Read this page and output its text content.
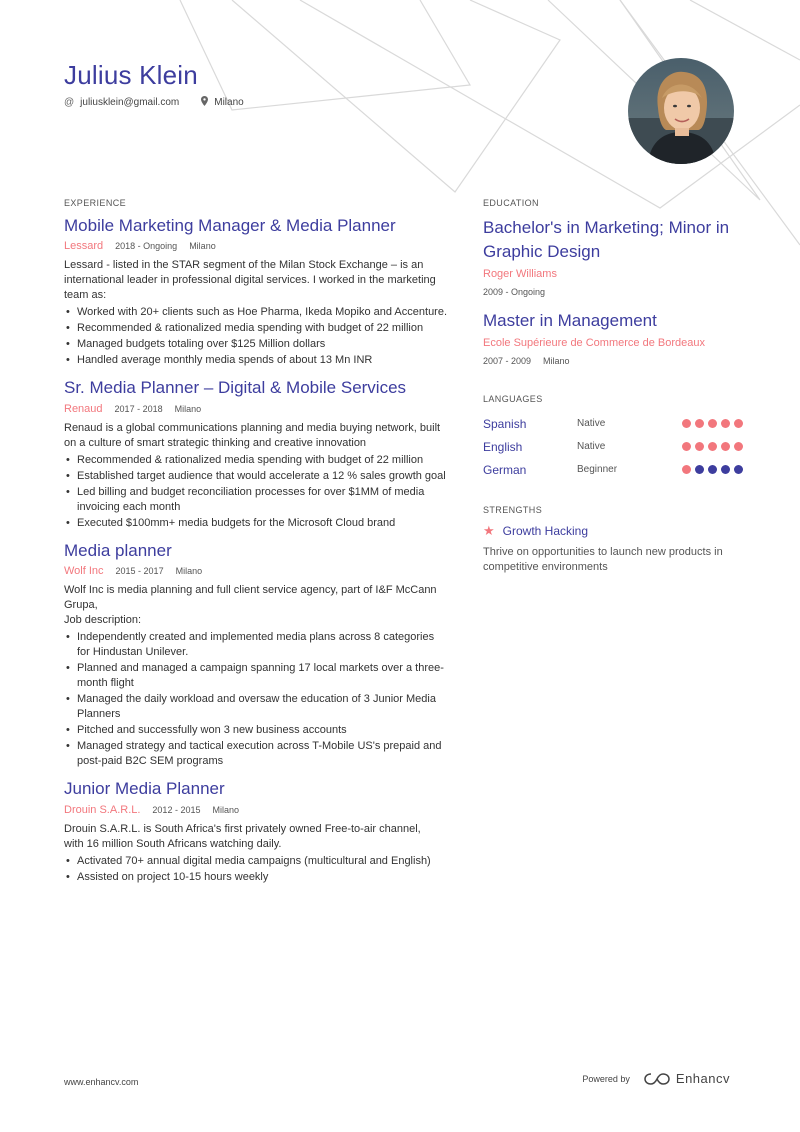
Julius Klein
@ juliusklein@gmail.com	Milano
EXPERIENCE
Mobile Marketing Manager & Media Planner
Lessard 2018 - Ongoing Milano
Lessard - listed in the STAR segment of the Milan Stock Exchange – is an international leader in professional digital services. I worked in the marketing team as:
• Worked with 20+ clients such as Hoe Pharma, Ikeda Mopiko and Accenture.
• Recommended & rationalized media spending with budget of 22 million
• Managed budgets totaling over $125 Million dollars
• Handled average monthly media spends of about 13 Mn INR
Sr. Media Planner – Digital & Mobile Services
Renaud 2017 - 2018 Milano
Renaud is a global communications planning and media buying network, built on a culture of smart strategic thinking and creative innovation
• Recommended & rationalized media spending with budget of 22 million
• Established target audience that would accelerate a 12 % sales growth goal
• Led billing and budget reconciliation processes for over $1MM of media invoicing each month
• Executed $100mm+ media budgets for the Microsoft Cloud brand
Media planner
Wolf Inc 2015 - 2017 Milano
Wolf Inc is media planning and full client service agency, part of I&F McCann Grupa,
Job description:
• Independently created and implemented media plans across 8 categories for Hindustan Unilever.
• Planned and managed a campaign spanning 17 local markets over a three-month flight
• Managed the daily workload and oversaw the education of 3 Junior Media Planners
• Pitched and successfully won 3 new business accounts
• Managed strategy and tactical execution across T-Mobile US's prepaid and post-paid B2C SEM programs
Junior Media Planner
Drouin S.A.R.L. 2012 - 2015 Milano
Drouin S.A.R.L. is South Africa's first privately owned Free-to-air channel,
with 16 million South Africans watching daily.
• Activated 70+ annual digital media campaigns (multicultural and English)
• Assisted on project 10-15 hours weekly
EDUCATION
Bachelor's in Marketing; Minor in Graphic Design
Roger Williams
2009 - Ongoing
Master in Management
Ecole Supérieure de Commerce de Bordeaux
2007 - 2009 Milano
LANGUAGES
Spanish	Native
English	Native
German	Beginner
STRENGTHS
★ Growth Hacking
Thrive on opportunities to launch new products in competitive environments
www.enhancv.com	Powered by	Enhancv
